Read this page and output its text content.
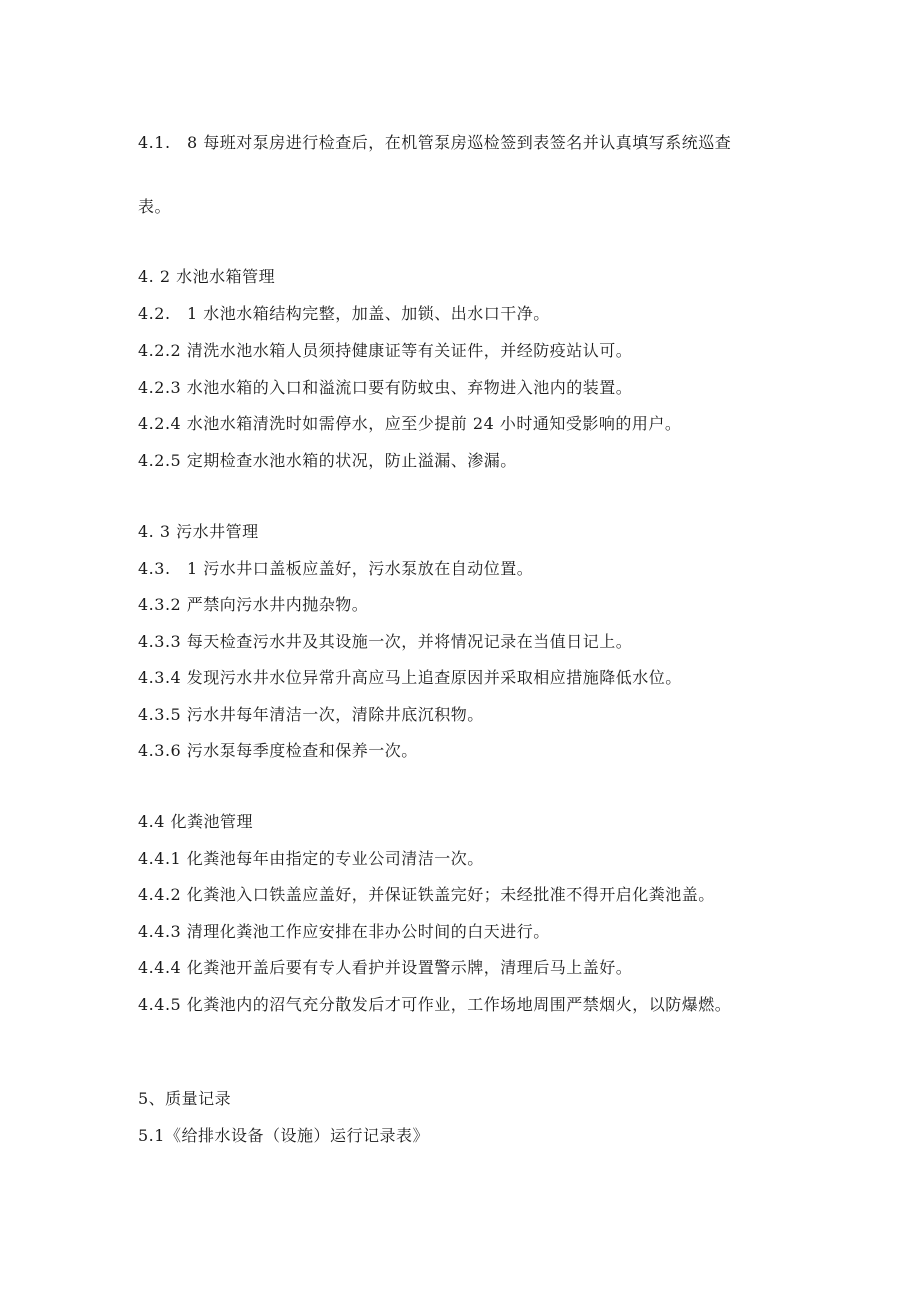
4.1.　8 每班对泵房进行检查后，在机管泵房巡检签到表签名并认真填写系统巡查
表。
4. 2 水池水箱管理
4.2.　1 水池水箱结构完整，加盖、加锁、出水口干净。
4.2.2 清洗水池水箱人员须持健康证等有关证件，并经防疫站认可。
4.2.3 水池水箱的入口和溢流口要有防蚊虫、弃物进入池内的装置。
4.2.4 水池水箱清洗时如需停水，应至少提前 24 小时通知受影响的用户。
4.2.5 定期检查水池水箱的状况，防止溢漏、渗漏。
4. 3 污水井管理
4.3.　1 污水井口盖板应盖好，污水泵放在自动位置。
4.3.2 严禁向污水井内抛杂物。
4.3.3 每天检查污水井及其设施一次，并将情况记录在当值日记上。
4.3.4 发现污水井水位异常升高应马上追查原因并采取相应措施降低水位。
4.3.5 污水井每年清洁一次，清除井底沉积物。
4.3.6 污水泵每季度检查和保养一次。
4.4 化粪池管理
4.4.1 化粪池每年由指定的专业公司清洁一次。
4.4.2 化粪池入口铁盖应盖好，并保证铁盖完好；未经批准不得开启化粪池盖。
4.4.3 清理化粪池工作应安排在非办公时间的白天进行。
4.4.4 化粪池开盖后要有专人看护并设置警示牌，清理后马上盖好。
4.4.5 化粪池内的沼气充分散发后才可作业，工作场地周围严禁烟火，以防爆燃。
5、质量记录
5.1《给排水设备（设施）运行记录表》
